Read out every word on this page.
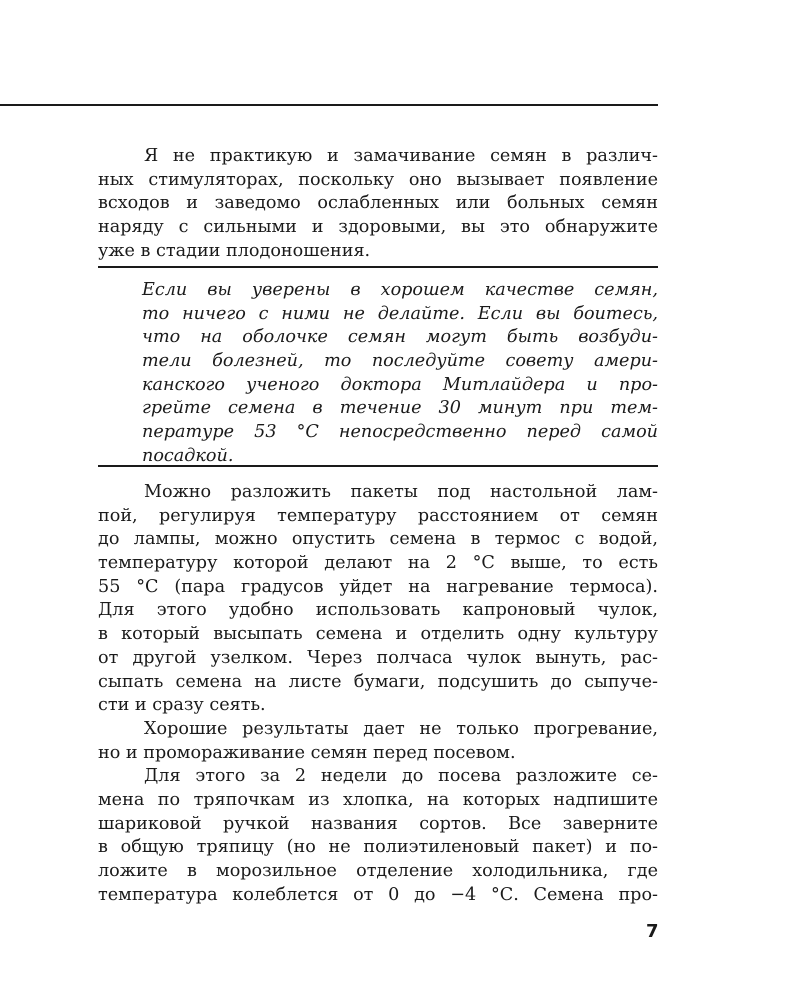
Я не практикую и замачивание семян в различ-
ных стимуляторах, поскольку оно вызывает появление
всходов и заведомо ослабленных или больных семян
наряду с сильными и здоровыми, вы это обнаружите
уже в стадии плодоношения.
Если вы уверены в хорошем качестве семян,
то ничего с ними не делайте. Если вы боитесь,
что на оболочке семян могут быть возбуди-
тели болезней, то последуйте совету амери-
канского ученого доктора Митлайдера и про-
грейте семена в течение 30 минут при тем-
пературе 53 °С непосредственно перед самой
посадкой.
Можно разложить пакеты под настольной лам-
пой, регулируя температуру расстоянием от семян
до лампы, можно опустить семена в термос с водой,
температуру которой делают на 2 °С выше, то есть
55 °С (пара градусов уйдет на нагревание термоса).
Для этого удобно использовать капроновый чулок,
в который высыпать семена и отделить одну культуру
от другой узелком. Через полчаса чулок вынуть, рас-
сыпать семена на листе бумаги, подсушить до сыпуче-
сти и сразу сеять.
Хорошие результаты дает не только прогревание,
но и промораживание семян перед посевом.
Для этого за 2 недели до посева разложите се-
мена по тряпочкам из хлопка, на которых надпишите
шариковой ручкой названия сортов. Все заверните
в общую тряпицу (но не полиэтиленовый пакет) и по-
ложите в морозильное отделение холодильника, где
температура колеблется от 0 до −4 °С. Семена про-
7
